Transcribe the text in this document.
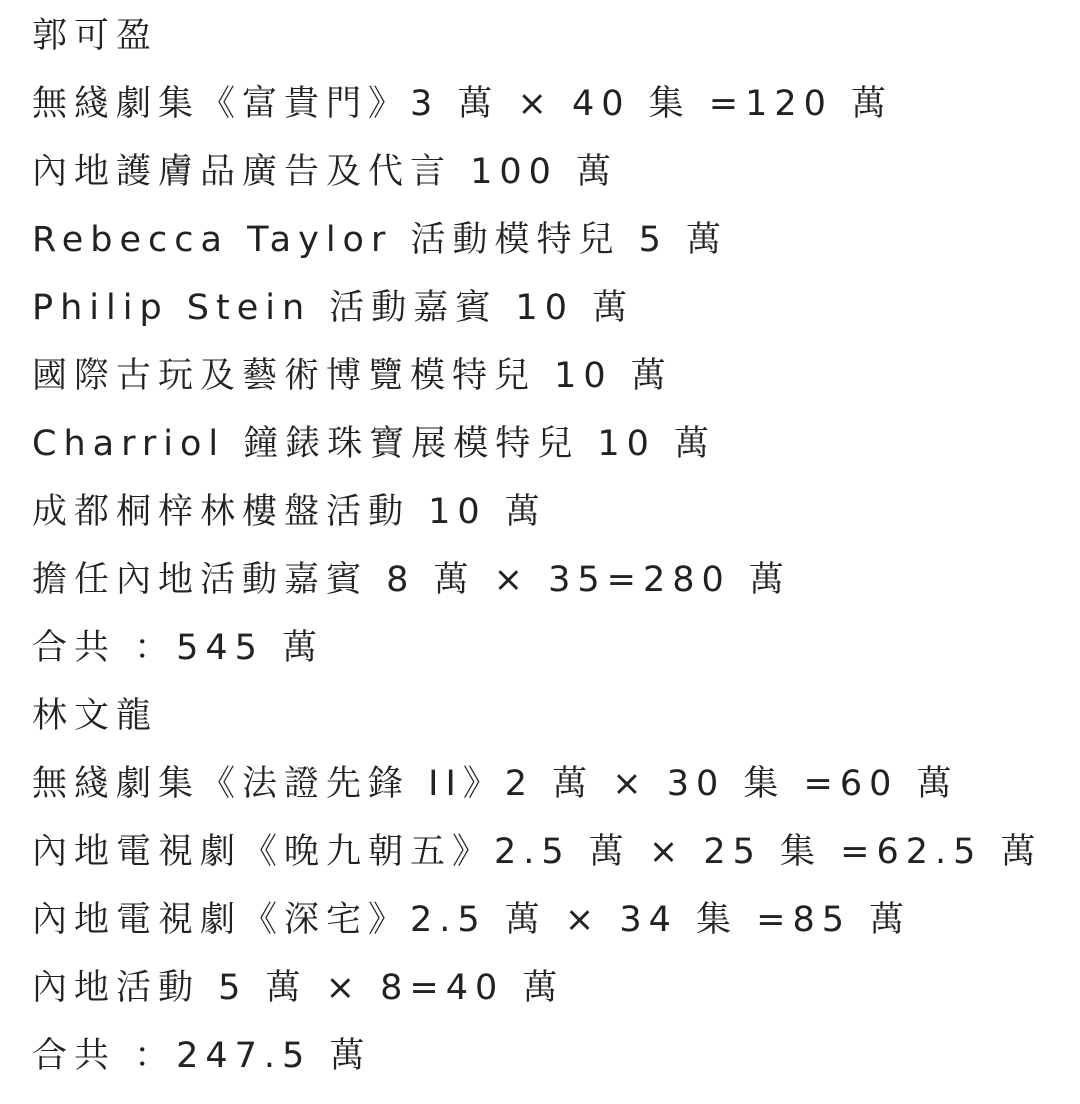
郭可盈
無綫劇集《富貴門》3 萬 × 40 集 =120 萬
內地護膚品廣告及代言 100 萬
Rebecca Taylor 活動模特兒 5 萬
Philip Stein 活動嘉賓 10 萬
國際古玩及藝術博覽模特兒 10 萬
Charriol 鐘錶珠寶展模特兒 10 萬
成都桐梓林樓盤活動 10 萬
擔任內地活動嘉賓 8 萬 × 35=280 萬
合共 ：545 萬
林文龍
無綫劇集《法證先鋒 II》2 萬 × 30 集 =60 萬
內地電視劇《晚九朝五》2.5 萬 × 25 集 =62.5 萬
內地電視劇《深宅》2.5 萬 × 34 集 =85 萬
內地活動 5 萬 × 8=40 萬
合共 ：247.5 萬
